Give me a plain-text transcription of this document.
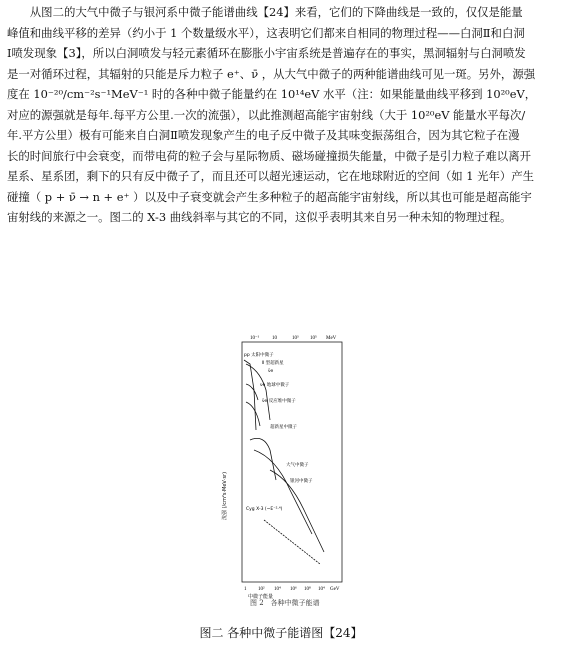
　　从图二的大气中微子与银河系中微子能谱曲线【24】来看，它们的下降曲线是一致的，仅仅是能量
峰值和曲线平移的差异（约小于 1 个数量级水平），这表明它们都来自相同的物理过程——白洞Ⅱ和白洞
Ⅰ喷发现象【3】，所以白洞喷发与轻元素循环在膨胀小宇宙系统是普遍存在的事实，黑洞辐射与白洞喷发
是一对循环过程，其辐射的只能是斥力粒子 e⁺、ν̄ ，从大气中微子的两种能谱曲线可见一斑。另外，源强
度在 10⁻²⁰/cm⁻²s⁻¹MeV⁻¹ 时的各种中微子能量约在 10¹⁴eV 水平（注：如果能量曲线平移到 10²⁰eV，
对应的源强就是每年.每平方公里.一次的流强），以此推测超高能宇宙射线（大于 10²⁰eV 能量水平每次/
年.平方公里）极有可能来自白洞Ⅱ喷发现象产生的电子反中微子及其味变振荡组合，因为其它粒子在漫
长的时间旅行中会衰变，而带电荷的粒子会与星际物质、磁场碰撞损失能量，中微子是引力粒子难以离开
星系、星系团，剩下的只有反中微子了，而且还可以超光速运动，它在地球附近的空间（如 1 光年）产生
碰撞（ p + ν̄ → n + e⁺ ）以及中子衰变就会产生多种粒子的超高能宇宙射线，所以其也可能是超高能宇
宙射线的来源之一。图二的 X-3 曲线斜率与其它的不同，这似乎表明其来自另一种未知的物理过程。
10⁻¹	10	10³ 10⁵ MeV
流强 (/cm²s·MeV·sr)
pp 太阳中微子
Ⅱ 型超新星
ν̄e
νe 地球中微子
ν̄e 反应堆中微子
超新星中微子
大气中微子
银河中微子
Cyg X-3 (~E⁻²·⁴)
1 10² 10⁴ 10⁶ 10⁸ 10⁴ GeV
中微子能量
图 2　各种中微子能谱
图二 各种中微子能谱图【24】
